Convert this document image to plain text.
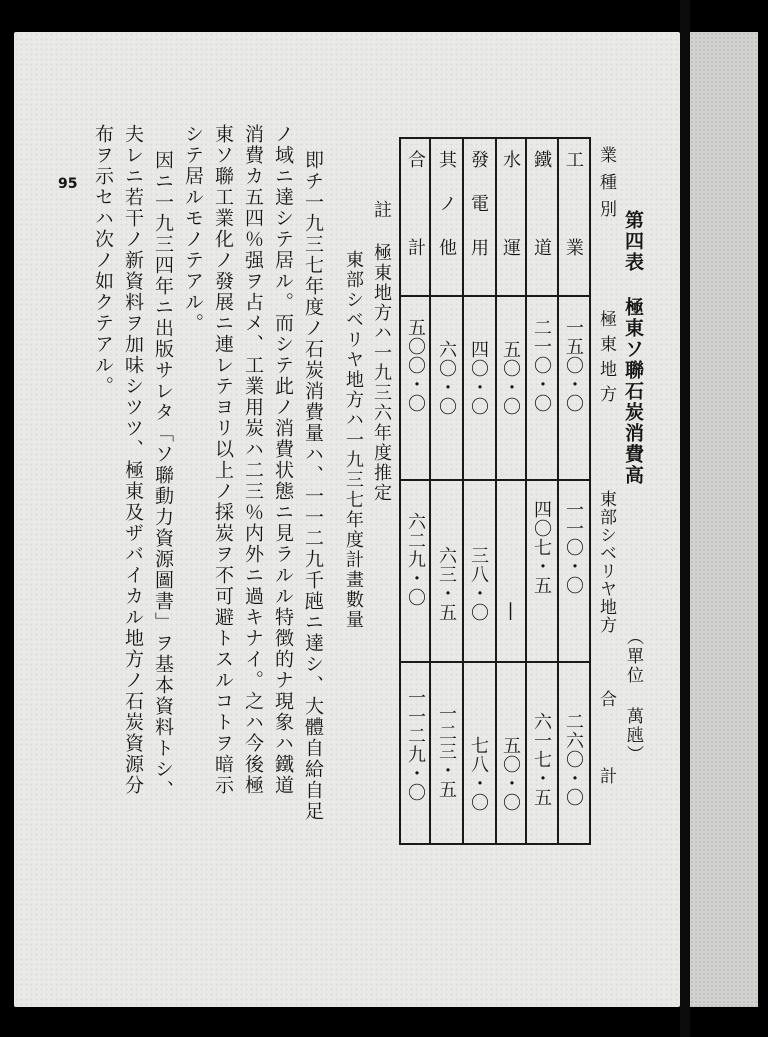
第四表 極東ソ聯石炭消費高
（單位 萬瓲）
業種別
極東地方
東部シベリヤ地方
合計
工業
一五〇・〇
一一〇・〇
二六〇・〇
鐵道
二一〇・〇
四〇七・五
六一七・五
水運
五〇・〇
|
五〇・〇
發電用
四〇・〇
三八・〇
七八・〇
其ノ他
六〇・〇
六三・五
一二三・五
合計
五〇〇・〇
六二九・〇
一一二九・〇
註 極東地方ハ一九三六年度推定
東部シベリヤ地方ハ一九三七年度計畫數量
即チ一九三七年度ノ石炭消費量ハ、一一二九千瓲ニ達シ、大體自給自足
ノ域ニ達シテ居ル。而シテ此ノ消費状態ニ見ラルル特徴的ナ現象ハ鐵道
消費カ五四％强ヲ占メ、工業用炭ハ二三％内外ニ過キナイ。之ハ今後極
東ソ聯工業化ノ發展ニ連レテヨリ以上ノ採炭ヲ不可避トスルコトヲ暗示
シテ居ルモノテアル。
因ニ一九三四年ニ出版サレタ「ソ聯動力資源圖書」ヲ基本資料トシ、
夫レニ若干ノ新資料ヲ加味シツツ、極東及ザバイカル地方ノ石炭資源分
布ヲ示セハ次ノ如クテアル。
95
